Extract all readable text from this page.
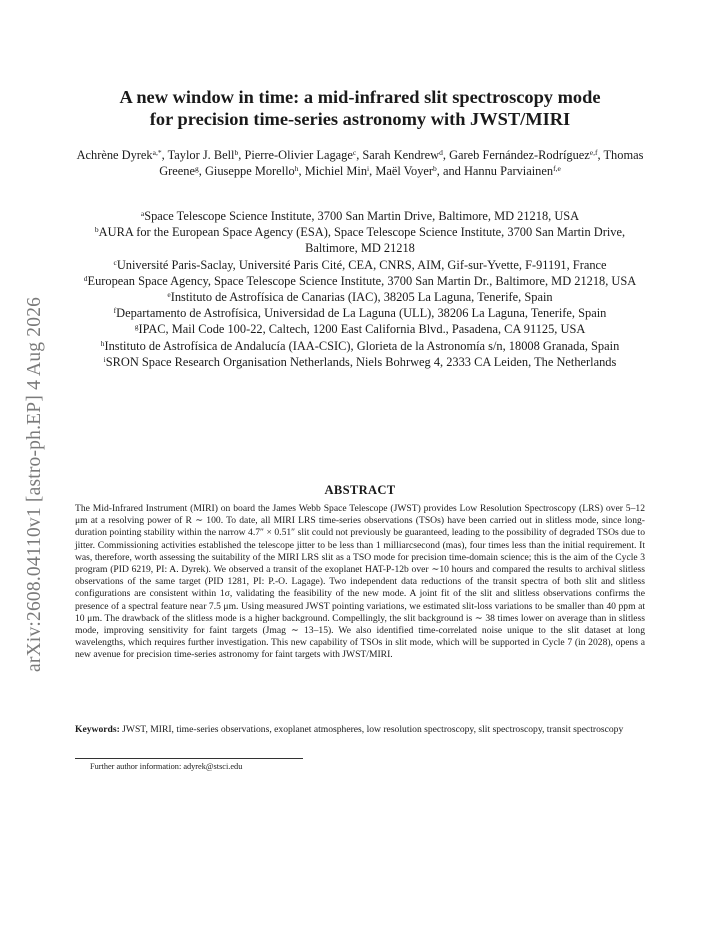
arXiv:2608.04110v1 [astro-ph.EP] 4 Aug 2026
A new window in time: a mid-infrared slit spectroscopy mode
for precision time-series astronomy with JWST/MIRI
Achrène Dyrek$^{a,*}$, Taylor J. Bell$^b$, Pierre-Olivier Lagage$^c$, Sarah Kendrew$^d$, Gareb Fernández-Rodríguez$^{e,f}$, Thomas Greene$^g$, Giuseppe Morello$^h$, Michiel Min$^i$, Maël Voyer$^b$, and Hannu Parviainen$^{f,e}$
$^a$Space Telescope Science Institute, 3700 San Martin Drive, Baltimore, MD 21218, USA
$^b$AURA for the European Space Agency (ESA), Space Telescope Science Institute, 3700 San Martin Drive, Baltimore, MD 21218
$^c$Université Paris-Saclay, Université Paris Cité, CEA, CNRS, AIM, Gif-sur-Yvette, F-91191, France
$^d$European Space Agency, Space Telescope Science Institute, 3700 San Martin Dr., Baltimore, MD 21218, USA
$^e$Instituto de Astrofísica de Canarias (IAC), 38205 La Laguna, Tenerife, Spain
$^f$Departamento de Astrofísica, Universidad de La Laguna (ULL), 38206 La Laguna, Tenerife, Spain
$^g$IPAC, Mail Code 100-22, Caltech, 1200 East California Blvd., Pasadena, CA 91125, USA
$^h$Instituto de Astrofísica de Andalucía (IAA-CSIC), Glorieta de la Astronomía s/n, 18008 Granada, Spain
$^i$SRON Space Research Organisation Netherlands, Niels Bohrweg 4, 2333 CA Leiden, The Netherlands
ABSTRACT
The Mid-Infrared Instrument (MIRI) on board the James Webb Space Telescope (JWST) provides Low Resolution Spectroscopy (LRS) over 5–12 μm at a resolving power of R ∼ 100. To date, all MIRI LRS time-series observations (TSOs) have been carried out in slitless mode, since long-duration pointing stability within the narrow 4.7″ × 0.51″ slit could not previously be guaranteed, leading to the possibility of degraded TSOs due to jitter. Commissioning activities established the telescope jitter to be less than 1 milliarcsecond (mas), four times less than the initial requirement. It was, therefore, worth assessing the suitability of the MIRI LRS slit as a TSO mode for precision time-domain science; this is the aim of the Cycle 3 program (PID 6219, PI: A. Dyrek). We observed a transit of the exoplanet HAT-P-12b over ∼10 hours and compared the results to archival slitless observations of the same target (PID 1281, PI: P.-O. Lagage). Two independent data reductions of the transit spectra of both slit and slitless configurations are consistent within 1σ, validating the feasibility of the new mode. A joint fit of the slit and slitless observations confirms the presence of a spectral feature near 7.5 μm. Using measured JWST pointing variations, we estimated slit-loss variations to be smaller than 40 ppm at 10 μm. The drawback of the slitless mode is a higher background. Compellingly, the slit background is ∼ 38 times lower on average than in slitless mode, improving sensitivity for faint targets (Jmag ∼ 13–15). We also identified time-correlated noise unique to the slit dataset at long wavelengths, which requires further investigation. This new capability of TSOs in slit mode, which will be supported in Cycle 7 (in 2028), opens a new avenue for precision time-series astronomy for faint targets with JWST/MIRI.
Keywords: JWST, MIRI, time-series observations, exoplanet atmospheres, low resolution spectroscopy, slit spectroscopy, transit spectroscopy
Further author information: adyrek@stsci.edu
